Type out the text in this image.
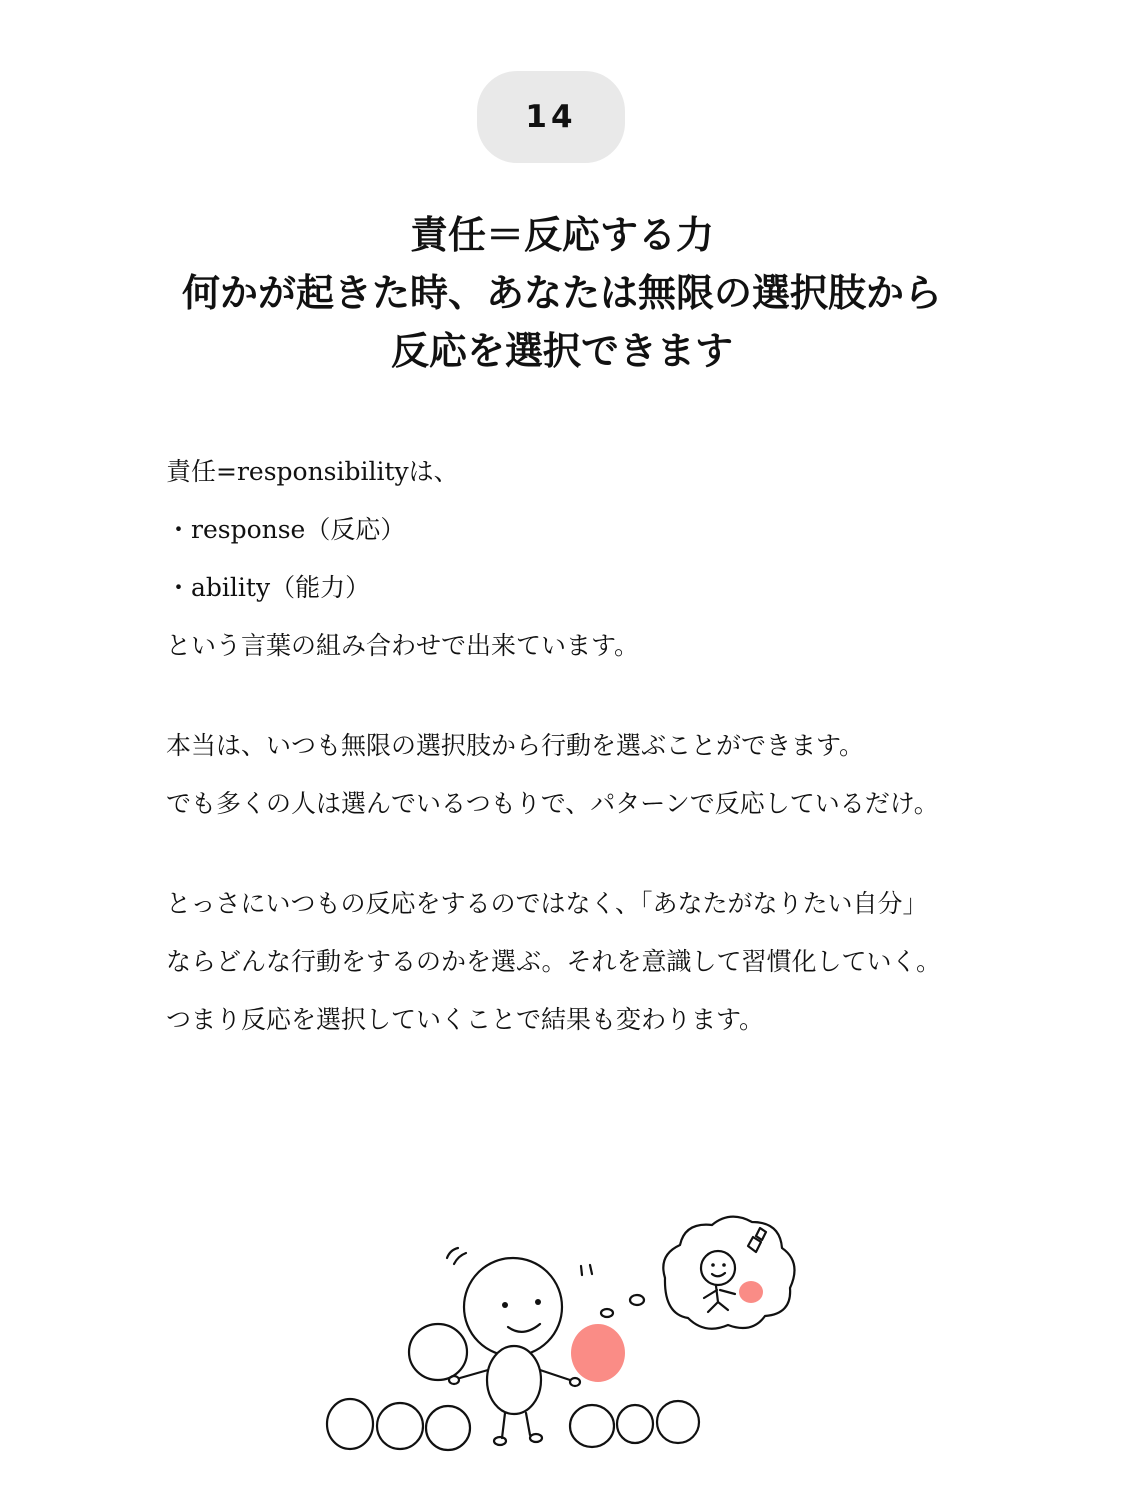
14
責任＝反応する力
何かが起きた時、あなたは無限の選択肢から
反応を選択できます
責任=responsibilityは、
・response（反応）
・ability（能力）
という言葉の組み合わせで出来ています。
本当は、いつも無限の選択肢から行動を選ぶことができます。
でも多くの人は選んでいるつもりで、パターンで反応しているだけ。
とっさにいつもの反応をするのではなく、「あなたがなりたい自分」
ならどんな行動をするのかを選ぶ。それを意識して習慣化していく。
つまり反応を選択していくことで結果も変わります。
